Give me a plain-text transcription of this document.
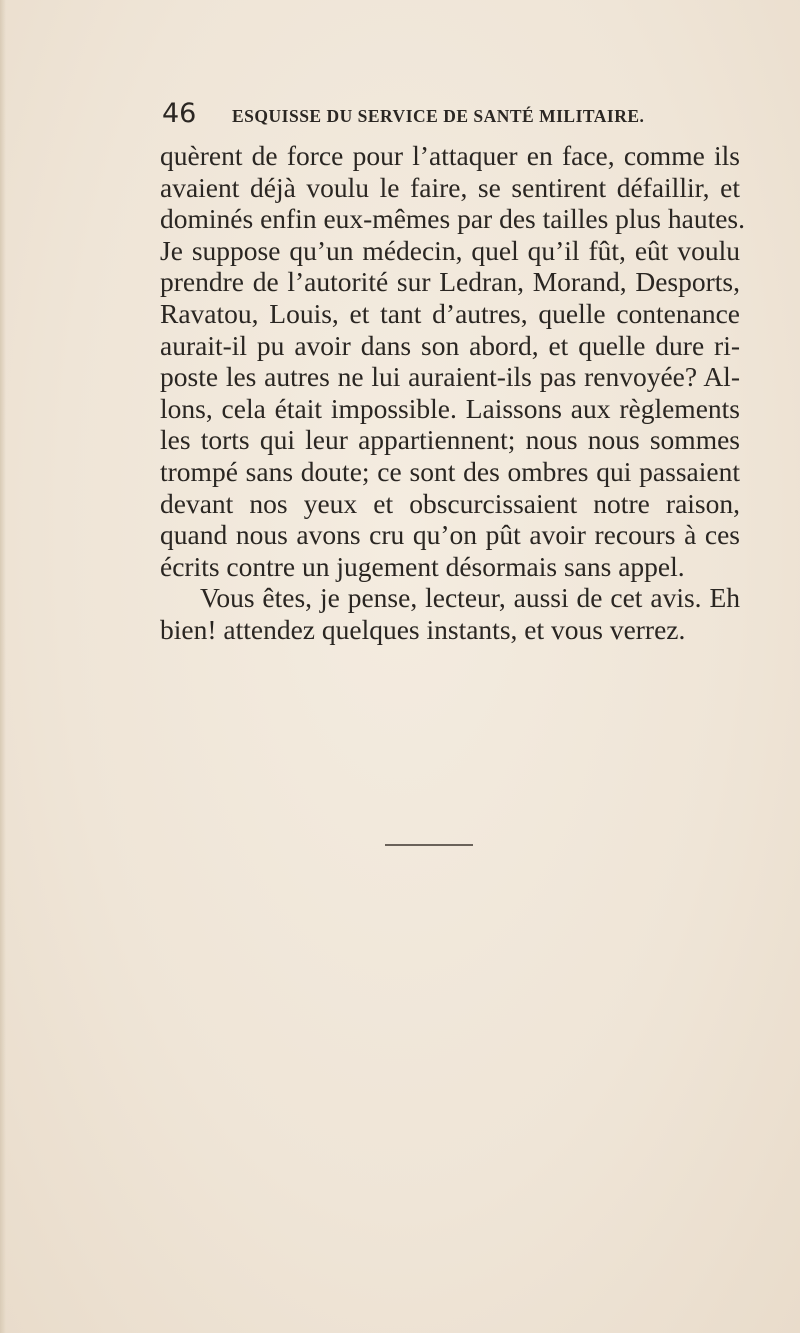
46 ESQUISSE DU SERVICE DE SANTÉ MILITAIRE.
quèrent de force pour l’attaquer en face, comme ils
avaient déjà voulu le faire, se sentirent défaillir, et
dominés enfin eux-mêmes par des tailles plus hautes.
Je suppose qu’un médecin, quel qu’il fût, eût voulu
prendre de l’autorité sur Ledran, Morand, Desports,
Ravatou, Louis, et tant d’autres, quelle contenance
aurait-il pu avoir dans son abord, et quelle dure ri-
poste les autres ne lui auraient-ils pas renvoyée? Al-
lons, cela était impossible. Laissons aux règlements
les torts qui leur appartiennent; nous nous sommes
trompé sans doute; ce sont des ombres qui passaient
devant nos yeux et obscurcissaient notre raison,
quand nous avons cru qu’on pût avoir recours à ces
écrits contre un jugement désormais sans appel.
Vous êtes, je pense, lecteur, aussi de cet avis. Eh
bien! attendez quelques instants, et vous verrez.
